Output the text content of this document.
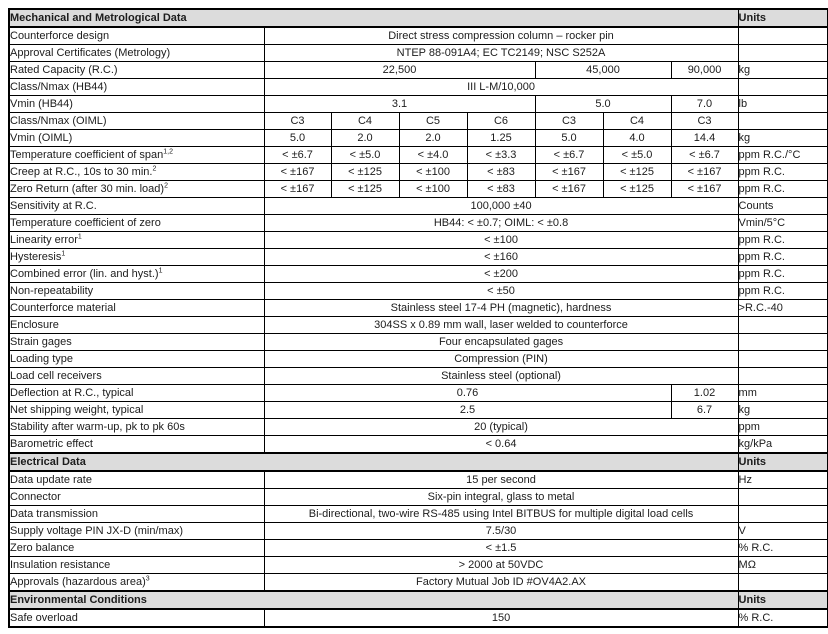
Mechanical and Metrological Data								Units
Counterforce design	Direct stress compression column – rocker pin							
Approval Certificates (Metrology)	NTEP 88-091A4; EC TC2149; NSC S252A							
Rated Capacity (R.C.)	22,500				45,000		90,000	kg
Class/Nmax (HB44)	III L-M/10,000							
Vmin (HB44)	3.1				5.0		7.0	lb
Class/Nmax (OIML)	C3	C4	C5	C6	C3	C4	C3	
Vmin (OIML)	5.0	2.0	2.0	1.25	5.0	4.0	14.4	kg
Temperature coefficient of span$^{1,2}$	< ±6.7	< ±5.0	< ±4.0	< ±3.3	< ±6.7	< ±5.0	< ±6.7	ppm R.C./°C
Creep at R.C., 10s to 30 min.$^2$	< ±167	< ±125	< ±100	< ±83	< ±167	< ±125	< ±167	ppm R.C.
Zero Return (after 30 min. load)$^2$	< ±167	< ±125	< ±100	< ±83	< ±167	< ±125	< ±167	ppm R.C.
Sensitivity at R.C.	100,000 ±40							Counts
Temperature coefficient of zero	HB44: < ±0.7; OIML: < ±0.8							Vmin/5°C
Linearity error$^1$	< ±100							ppm R.C.
Hysteresis$^1$	< ±160							ppm R.C.
Combined error (lin. and hyst.)$^1$	< ±200							ppm R.C.
Non-repeatability	< ±50							ppm R.C.
Counterforce material	Stainless steel 17-4 PH (magnetic), hardness							>R.C.-40
Enclosure	304SS x 0.89 mm wall, laser welded to counterforce							
Strain gages	Four encapsulated gages							
Loading type	Compression (PIN)							
Load cell receivers	Stainless steel (optional)							
Deflection at R.C., typical	0.76						1.02	mm
Net shipping weight, typical	2.5						6.7	kg
Stability after warm-up, pk to pk 60s	20 (typical)							ppm
Barometric effect	< 0.64							kg/kPa
Electrical Data								Units
Data update rate	15 per second							Hz
Connector	Six-pin integral, glass to metal							
Data transmission	Bi-directional, two-wire RS-485 using Intel BITBUS for multiple digital load cells							
Supply voltage PIN JX-D (min/max)	7.5/30							V
Zero balance	< ±1.5							% R.C.
Insulation resistance	> 2000 at 50VDC							MΩ
Approvals (hazardous area)$^3$	Factory Mutual Job ID #OV4A2.AX							
Environmental Conditions								Units
Safe overload	150							% R.C.
